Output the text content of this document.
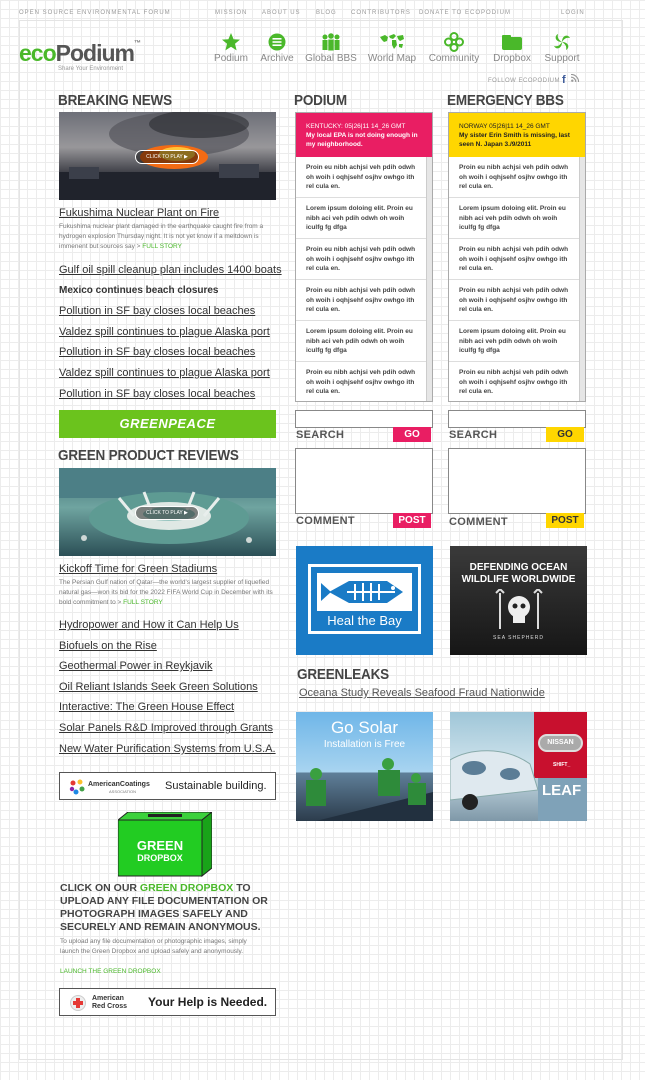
OPEN SOURCE ENVIRONMENTAL FORUM	MISSION ABOUT US	BLOG CONTRIBUTORS DONATE TO ECOPODIUM	LOGIN
ecoPodium™
Share Your Environment
Podium	Archive	Global BBS	World Map	Community	Dropbox	Support
FOLLOW ECOPODIUM f
BREAKING NEWS
CLICK TO PLAY ▶
Fukushima Nuclear Plant on Fire
Fukushima nuclear plant damaged in the earthquake caught fire from a hydrogen explosion Thursday night. It is not yet know if a meltdown is immenent but sources say > FULL STORY
Gulf oil spill cleanup plan includes 1400 boats
Mexico continues beach closures
Pollution in SF bay closes local beaches
Valdez spill continues to plague Alaska port
Pollution in SF bay closes local beaches
Valdez spill continues to plague Alaska port
Pollution in SF bay closes local beaches
GREENPEACE
GREEN PRODUCT REVIEWS
CLICK TO PLAY ▶
Kickoff Time for Green Stadiums
The Persian Gulf nation of Qatar—the world's largest supplier of liquefied natural gas—won its bid for the 2022 FIFA World Cup in December with its bold commitment to > FULL STORY
Hydropower and How it Can Help Us
Biofuels on the Rise
Geothermal Power in Reykjavik
Oil Reliant Islands Seek Green Solutions
Interactive: The Green House Effect
Solar Panels R&D Improved through Grants
New Water Purification Systems from U.S.A.
AmericanCoatings
ASSOCIATION	Sustainable building.
GREEN
DROPBOX
CLICK ON OUR GREEN DROPBOX TO UPLOAD ANY FILE DOCUMENTATION OR PHOTOGRAPH IMAGES SAFELY AND SECURELY AND REMAIN ANONYMOUS.
To upload any file documentation or photographic images, simply launch the Green Dropbox and upload safely and anonymously.
LAUNCH THE GREEN DROPBOX
American
Red Cross Your Help is Needed.
PODIUM
KENTUCKY: 05|26|11 14_26 GMT
My local EPA is not doing enough in my neighborhood.
Proin eu nibh achjsi veh pdih odwh oh woih i oqhjsehf osjhv owhgo ith rel cula en.
Lorem ipsum doloing elit. Proin eu nibh aci veh pdih odwh oh woih iculfg fg dfga
Proin eu nibh achjsi veh pdih odwh oh woih i oqhjsehf osjhv owhgo ith rel cula en.
Proin eu nibh achjsi veh pdih odwh oh woih i oqhjsehf osjhv owhgo ith rel cula en.
Lorem ipsum doloing elit. Proin eu nibh aci veh pdih odwh oh woih iculfg fg dfga
Proin eu nibh achjsi veh pdih odwh oh woih i oqhjsehf osjhv owhgo ith rel cula en.
SEARCH	GO
COMMENT	POST
Heal the Bay
EMERGENCY BBS
NORWAY 05|26|11 14_26 GMT
My sister Erin Smith is missing, last seen N. Japan 3./9/2011
Proin eu nibh achjsi veh pdih odwh oh woih i oqhjsehf osjhv owhgo ith rel cula en.
Lorem ipsum doloing elit. Proin eu nibh aci veh pdih odwh oh woih iculfg fg dfga
Proin eu nibh achjsi veh pdih odwh oh woih i oqhjsehf osjhv owhgo ith rel cula en.
Proin eu nibh achjsi veh pdih odwh oh woih i oqhjsehf osjhv owhgo ith rel cula en.
Lorem ipsum doloing elit. Proin eu nibh aci veh pdih odwh oh woih iculfg fg dfga
Proin eu nibh achjsi veh pdih odwh oh woih i oqhjsehf osjhv owhgo ith rel cula en.
SEARCH	GO
COMMENT	POST
DEFENDING OCEAN
WILDLIFE WORLDWIDE
SEA SHEPHERD
GREENLEAKS
Oceana Study Reveals Seafood Fraud Nationwide
Go Solar
Installation is Free	NISSAN
SHIFT_
LEAF
